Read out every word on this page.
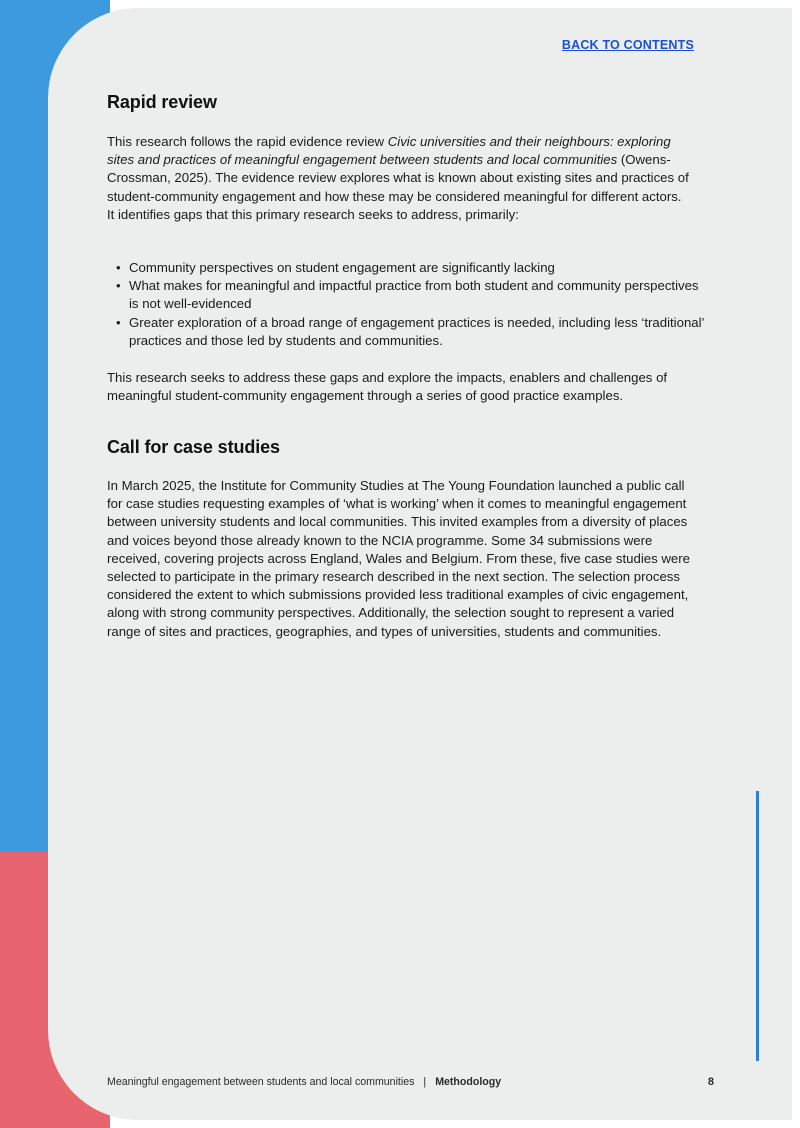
BACK TO CONTENTS
Rapid review

This research follows the rapid evidence review Civic universities and their neighbours: exploring sites and practices of meaningful engagement between students and local communities (Owens-Crossman, 2025). The evidence review explores what is known about existing sites and practices of student-community engagement and how these may be considered meaningful for different actors. It identifies gaps that this primary research seeks to address, primarily:

• Community perspectives on student engagement are significantly lacking
• What makes for meaningful and impactful practice from both student and community perspectives is not well-evidenced
• Greater exploration of a broad range of engagement practices is needed, including less ‘traditional’ practices and those led by students and communities.

This research seeks to address these gaps and explore the impacts, enablers and challenges of meaningful student-community engagement through a series of good practice examples.

Call for case studies

In March 2025, the Institute for Community Studies at The Young Foundation launched a public call for case studies requesting examples of ‘what is working’ when it comes to meaningful engagement between university students and local communities. This invited examples from a diversity of places and voices beyond those already known to the NCIA programme. Some 34 submissions were received, covering projects across England, Wales and Belgium. From these, five case studies were selected to participate in the primary research described in the next section. The selection process considered the extent to which submissions provided less traditional examples of civic engagement, along with strong community perspectives. Additionally, the selection sought to represent a varied range of sites and practices, geographies, and types of universities, students and communities.

Meaningful engagement between students and local communities | Methodology	8
